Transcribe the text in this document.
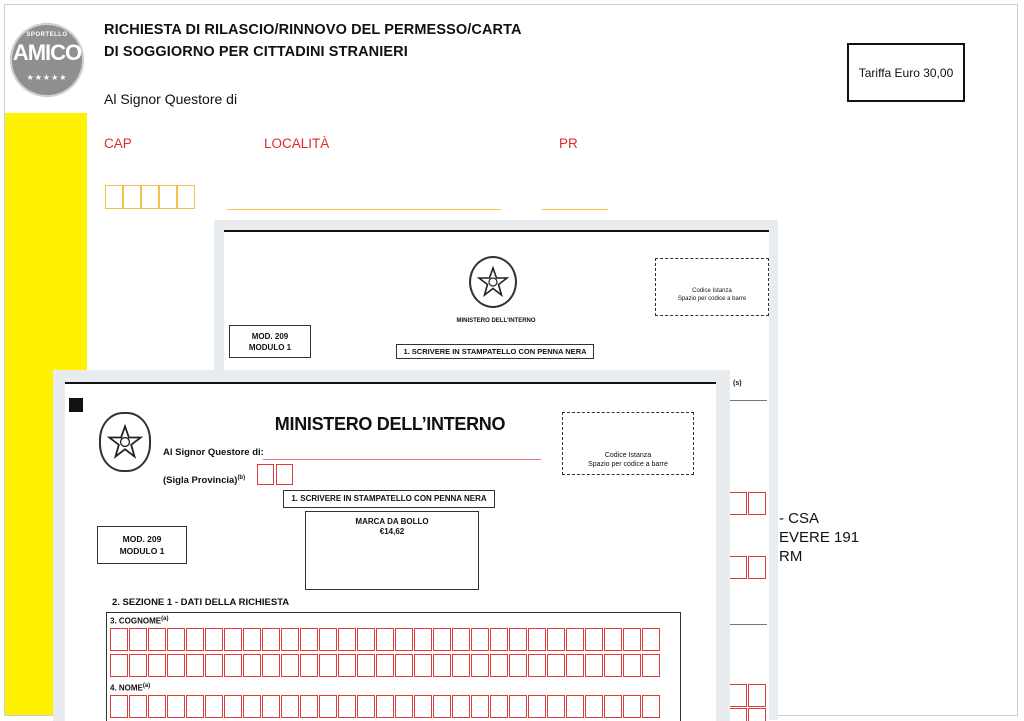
SPORTELLO
AMICO
★★★★★
RICHIESTA DI RILASCIO/RINNOVO DEL PERMESSO/CARTA
DI SOGGIORNO PER CITTADINI STRANIERI
Tariffa Euro 30,00
Al Signor Questore di
CAP	LOCALITÀ	PR
- CSA
EVERE 191
RM
MINISTERO DELL'INTERNO
Codice Istanza
Spazio per codice a barre
MOD. 209
MODULO 1	1. SCRIVERE IN STAMPATELLO CON PENNA NERA
(s)
MINISTERO DELL’INTERNO
Al Signor Questore di:
(Sigla Provincia)$^{(b)}$
Codice Istanza
Spazio per codice a barre
1. SCRIVERE IN STAMPATELLO CON PENNA NERA
MARCA DA BOLLO
€14,62
MOD. 209
MODULO 1
2. SEZIONE 1 - DATI DELLA RICHIESTA
3. COGNOME$^{(a)}$
4. NOME$^{(a)}$
